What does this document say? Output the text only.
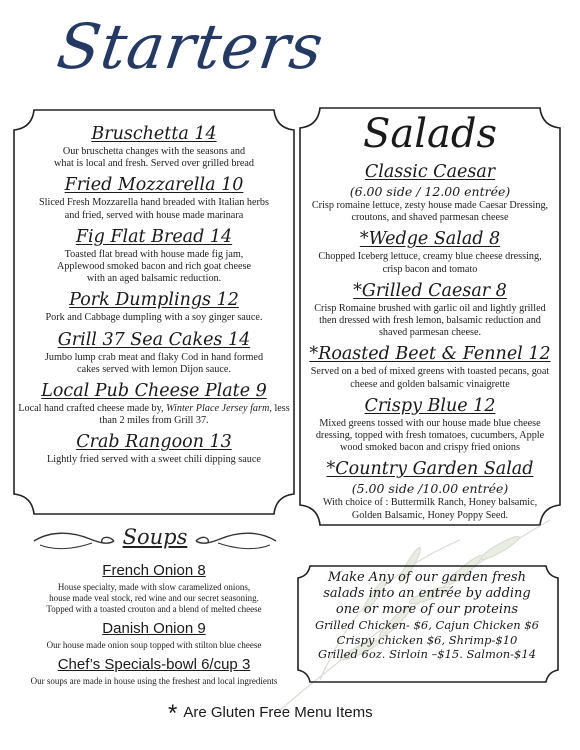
Starters
Bruschetta 14
Our bruschetta changes with the seasons and
what is local and fresh. Served over grilled bread
Fried Mozzarella 10
Sliced Fresh Mozzarella hand breaded with Italian herbs
and fried, served with house made marinara
Fig Flat Bread 14
Toasted flat bread with house made fig jam,
Applewood smoked bacon and rich goat cheese
with an aged balsamic reduction.
Pork Dumplings 12
Pork and Cabbage dumpling with a soy ginger sauce.
Grill 37 Sea Cakes 14
Jumbo lump crab meat and flaky Cod in hand formed
cakes served with lemon Dijon sauce.
Local Pub Cheese Plate 9
Local hand crafted cheese made by, Winter Place Jersey farm, less than 2 miles from Grill 37.
Crab Rangoon 13
Lightly fried served with a sweet chili dipping sauce
Salads
Classic Caesar
(6.00 side / 12.00 entrée)
Crisp romaine lettuce, zesty house made Caesar Dressing,
croutons, and shaved parmesan cheese
*Wedge Salad 8
Chopped Iceberg lettuce, creamy blue cheese dressing,
crisp bacon and tomato
*Grilled Caesar 8
Crisp Romaine brushed with garlic oil and lightly grilled
then dressed with fresh lemon, balsamic reduction and
shaved parmesan cheese.
*Roasted Beet & Fennel 12
Served on a bed of mixed greens with toasted pecans, goat
cheese and golden balsamic vinaigrette
Crispy Blue 12
Mixed greens tossed with our house made blue cheese
dressing, topped with fresh tomatoes, cucumbers, Apple
wood smoked bacon and crispy fried onions
*Country Garden Salad
(5.00 side /10.00 entrée)
With choice of : Buttermilk Ranch, Honey balsamic,
Golden Balsamic, Honey Poppy Seed.
Soups
French Onion 8
House specialty, made with slow caramelized onions,
house made veal stock, red wine and our secret seasoning.
Topped with a toasted crouton and a blend of melted cheese
Danish Onion 9
Our house made onion soup topped with stilton blue cheese
Chef’s Specials-bowl 6/cup 3
Our soups are made in house using the freshest and local ingredients
Make Any of our garden fresh
salads into an entrée by adding
one or more of our proteins
Grilled Chicken- $6, Cajun Chicken $6
Crispy chicken $6, Shrimp-$10
Grilled 6oz. Sirloin –$15. Salmon-$14
* Are Gluten Free Menu Items
